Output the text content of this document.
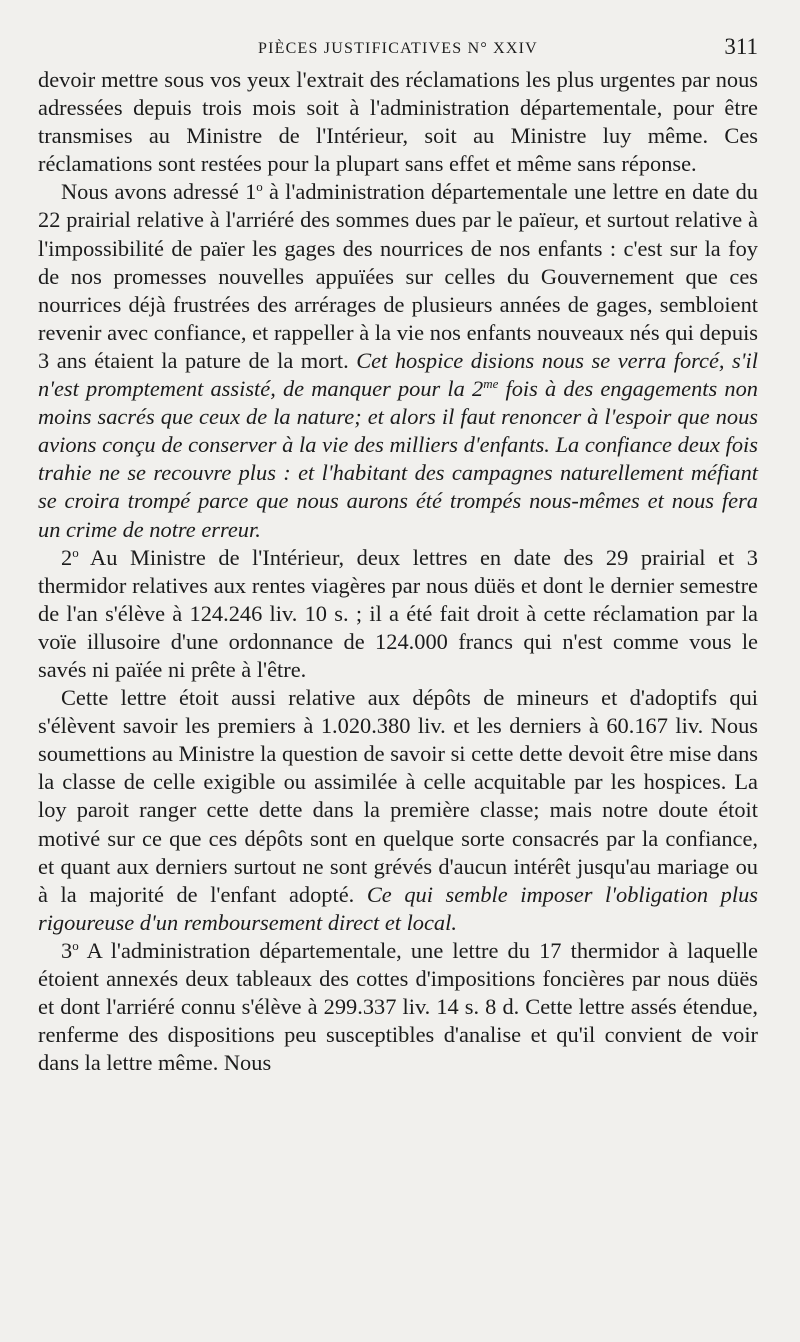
PIÈCES JUSTIFICATIVES N° XXIV	311

devoir mettre sous vos yeux l'extrait des réclamations les plus urgentes par nous adressées depuis trois mois soit à l'administration départementale, pour être transmises au Ministre de l'Intérieur, soit au Ministre luy même. Ces réclamations sont restées pour la plupart sans effet et même sans réponse.

Nous avons adressé 1$^o$ à l'administration départementale une lettre en date du 22 prairial relative à l'arriéré des sommes dues par le païeur, et surtout relative à l'impossibilité de païer les gages des nourrices de nos enfants : c'est sur la foy de nos promesses nouvelles appuïées sur celles du Gouvernement que ces nourrices déjà frustrées des arrérages de plusieurs années de gages, sembloient revenir avec confiance, et rappeller à la vie nos enfants nouveaux nés qui depuis 3 ans étaient la pature de la mort. Cet hospice disions nous se verra forcé, s'il n'est promptement assisté, de manquer pour la $2^{me}$ fois à des engagements non moins sacrés que ceux de la nature; et alors il faut renoncer à l'espoir que nous avions conçu de conserver à la vie des milliers d'enfants. La confiance deux fois trahie ne se recouvre plus : et l'habitant des campagnes naturellement méfiant se croira trompé parce que nous aurons été trompés nous-mêmes et nous fera un crime de notre erreur.

2$^o$ Au Ministre de l'Intérieur, deux lettres en date des 29 prairial et 3 thermidor relatives aux rentes viagères par nous düës et dont le dernier semestre de l'an s'élève à 124.246 liv. 10 s. ; il a été fait droit à cette réclamation par la voïe illusoire d'une ordonnance de 124.000 francs qui n'est comme vous le savés ni païée ni prête à l'être.

Cette lettre étoit aussi relative aux dépôts de mineurs et d'adoptifs qui s'élèvent savoir les premiers à 1.020.380 liv. et les derniers à 60.167 liv. Nous soumettions au Ministre la question de savoir si cette dette devoit être mise dans la classe de celle exigible ou assimilée à celle acquitable par les hospices. La loy paroit ranger cette dette dans la première classe; mais notre doute étoit motivé sur ce que ces dépôts sont en quelque sorte consacrés par la confiance, et quant aux derniers surtout ne sont grévés d'aucun intérêt jusqu'au mariage ou à la majorité de l'enfant adopté. Ce qui semble imposer l'obligation plus rigoureuse d'un remboursement direct et local.

3$^o$ A l'administration départementale, une lettre du 17 thermidor à laquelle étoient annexés deux tableaux des cottes d'impositions foncières par nous düës et dont l'arriéré connu s'élève à 299.337 liv. 14 s. 8 d. Cette lettre assés étendue, renferme des dispositions peu susceptibles d'analise et qu'il convient de voir dans la lettre même. Nous
